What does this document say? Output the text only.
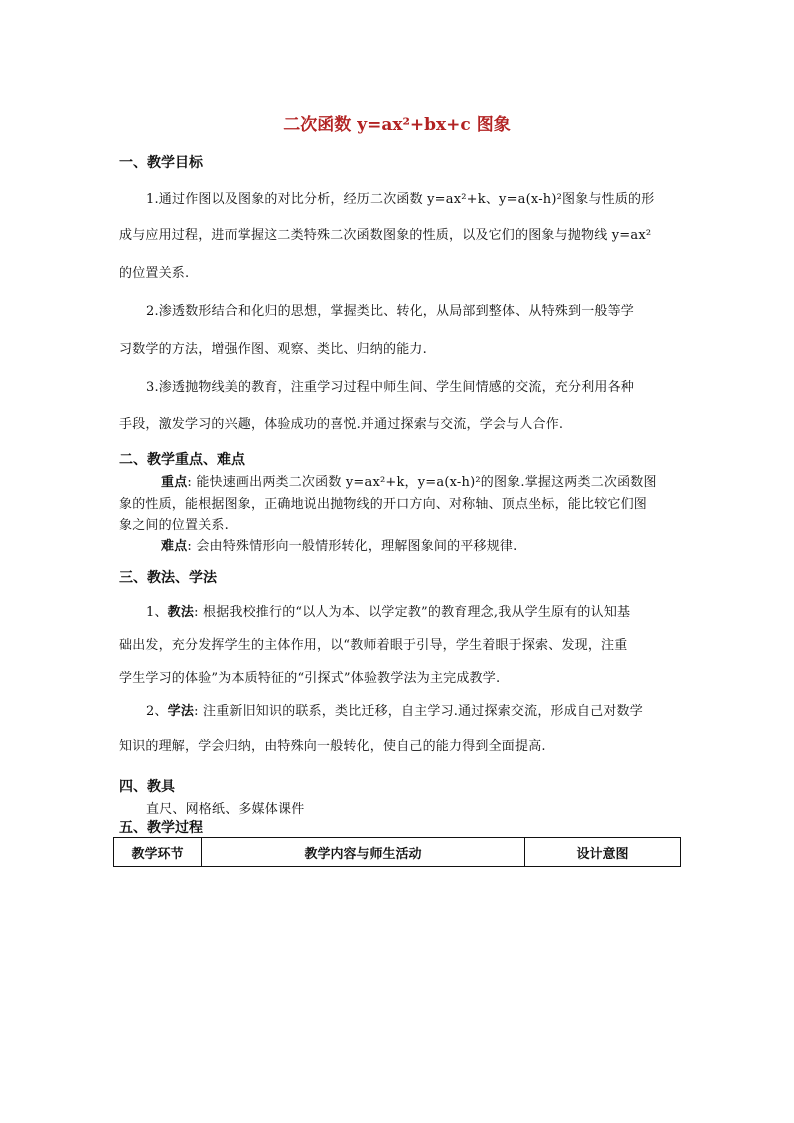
二次函数 y=ax²+bx+c 图象
一、教学目标
1.通过作图以及图象的对比分析，经历二次函数 y=ax²+k、y=a(x-h)²图象与性质的形
成与应用过程，进而掌握这二类特殊二次函数图象的性质，以及它们的图象与抛物线 y=ax²
的位置关系.
2.渗透数形结合和化归的思想，掌握类比、转化，从局部到整体、从特殊到一般等学
习数学的方法，增强作图、观察、类比、归纳的能力.
3.渗透抛物线美的教育，注重学习过程中师生间、学生间情感的交流，充分利用各种
手段，激发学习的兴趣，体验成功的喜悦.并通过探索与交流，学会与人合作.
二、教学重点、难点
重点: 能快速画出两类二次函数 y=ax²+k，y=a(x-h)²的图象.掌握这两类二次函数图
象的性质，能根据图象，正确地说出抛物线的开口方向、对称轴、顶点坐标，能比较它们图
象之间的位置关系.
难点: 会由特殊情形向一般情形转化，理解图象间的平移规律.
三、教法、学法
1、教法: 根据我校推行的“以人为本、以学定教”的教育理念,我从学生原有的认知基
础出发，充分发挥学生的主体作用，以“教师着眼于引导，学生着眼于探索、发现，注重
学生学习的体验”为本质特征的“引探式”体验教学法为主完成教学.
2、学法: 注重新旧知识的联系，类比迁移，自主学习.通过探索交流，形成自己对数学
知识的理解，学会归纳，由特殊向一般转化，使自己的能力得到全面提高.
四、教具
直尺、网格纸、多媒体课件
五、教学过程
教学环节	教学内容与师生活动	设计意图
